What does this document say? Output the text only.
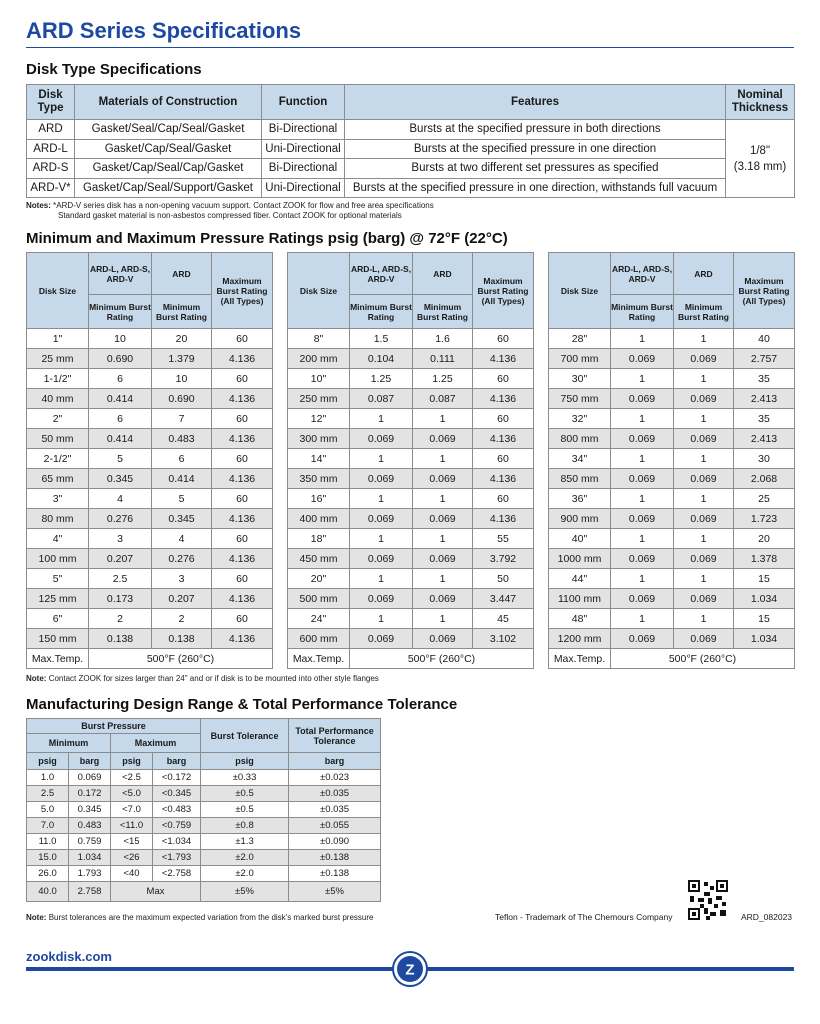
ARD Series Specifications
Disk Type Specifications
Disk Type	Materials of Construction	Function	Features	Nominal Thickness
ARD	Gasket/Seal/Cap/Seal/Gasket	Bi-Directional	Bursts at the specified pressure in both directions	1/8"
(3.18 mm)
ARD-L	Gasket/Cap/Seal/Gasket	Uni-Directional	Bursts at the specified pressure in one direction	
ARD-S	Gasket/Cap/Seal/Cap/Gasket	Bi-Directional	Bursts at two different set pressures as specified	
ARD-V*	Gasket/Cap/Seal/Support/Gasket	Uni-Directional	Bursts at the specified pressure in one direction, withstands full vacuum	
Notes: *ARD-V series disk has a non-opening vacuum support. Contact ZOOK for flow and free area specifications
Standard gasket material is non-asbestos compressed fiber. Contact ZOOK for optional materials
Minimum and Maximum Pressure Ratings psig (barg) @ 72°F (22°C)
Disk Size	ARD-L, ARD-S, ARD-V	ARD	Maximum Burst Rating (All Types)
	Minimum Burst Rating	Minimum Burst Rating	
1"	10	20	60
25 mm	0.690	1.379	4.136
1-1/2"	6	10	60
40 mm	0.414	0.690	4.136
2"	6	7	60
50 mm	0.414	0.483	4.136
2-1/2"	5	6	60
65 mm	0.345	0.414	4.136
3"	4	5	60
80 mm	0.276	0.345	4.136
4"	3	4	60
100 mm	0.207	0.276	4.136
5"	2.5	3	60
125 mm	0.173	0.207	4.136
6"	2	2	60
150 mm	0.138	0.138	4.136
Max.Temp.	500°F (260°C)		
Disk Size	ARD-L, ARD-S, ARD-V	ARD	Maximum Burst Rating (All Types)
	Minimum Burst Rating	Minimum Burst Rating	
8"	1.5	1.6	60
200 mm	0.104	0.111	4.136
10"	1.25	1.25	60
250 mm	0.087	0.087	4.136
12"	1	1	60
300 mm	0.069	0.069	4.136
14"	1	1	60
350 mm	0.069	0.069	4.136
16"	1	1	60
400 mm	0.069	0.069	4.136
18"	1	1	55
450 mm	0.069	0.069	3.792
20"	1	1	50
500 mm	0.069	0.069	3.447
24"	1	1	45
600 mm	0.069	0.069	3.102
Max.Temp.	500°F (260°C)		
Disk Size	ARD-L, ARD-S, ARD-V	ARD	Maximum Burst Rating (All Types)
	Minimum Burst Rating	Minimum Burst Rating	
28"	1	1	40
700 mm	0.069	0.069	2.757
30"	1	1	35
750 mm	0.069	0.069	2.413
32"	1	1	35
800 mm	0.069	0.069	2.413
34"	1	1	30
850 mm	0.069	0.069	2.068
36"	1	1	25
900 mm	0.069	0.069	1.723
40"	1	1	20
1000 mm	0.069	0.069	1.378
44"	1	1	15
1100 mm	0.069	0.069	1.034
48"	1	1	15
1200 mm	0.069	0.069	1.034
Max.Temp.	500°F (260°C)		
Note: Contact ZOOK for sizes larger than 24" and or if disk is to be mounted into other style flanges
Manufacturing Design Range & Total Performance Tolerance
Burst Pressure				Burst Tolerance	Total Performance Tolerance
Minimum		Maximum			
psig	barg	psig	barg	psig	barg
1.0	0.069	<2.5	<0.172	±0.33	±0.023
2.5	0.172	<5.0	<0.345	±0.5	±0.035
5.0	0.345	<7.0	<0.483	±0.5	±0.035
7.0	0.483	<11.0	<0.759	±0.8	±0.055
11.0	0.759	<15	<1.034	±1.3	±0.090
15.0	1.034	<26	<1.793	±2.0	±0.138
26.0	1.793	<40	<2.758	±2.0	±0.138
40.0	2.758	Max		±5%	±5%
Note: Burst tolerances are the maximum expected variation from the disk's marked burst pressure	Teflon - Trademark of The Chemours Company	ARD_082023
zookdisk.com
Z
